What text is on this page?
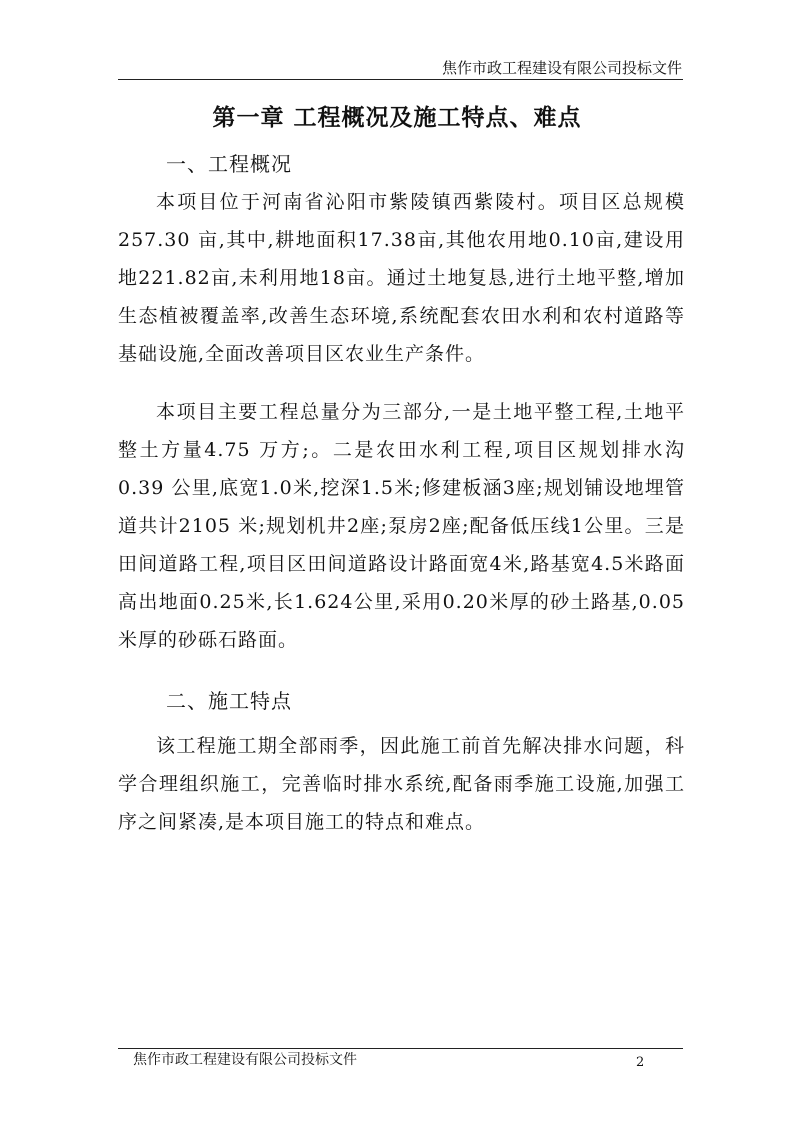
焦作市政工程建设有限公司投标文件
第一章 工程概况及施工特点、难点
一、工程概况

本项目位于河南省沁阳市紫陵镇西紫陵村。项目区总规模257.30 亩,其中,耕地面积17.38亩,其他农用地0.10亩,建设用地221.82亩,未利用地18亩。通过土地复恳,进行土地平整,增加生态植被覆盖率,改善生态环境,系统配套农田水利和农村道路等基础设施,全面改善项目区农业生产条件。

本项目主要工程总量分为三部分,一是土地平整工程,土地平整土方量4.75 万方;。二是农田水利工程,项目区规划排水沟0.39 公里,底宽1.0米,挖深1.5米;修建板涵3座;规划铺设地埋管道共计2105 米;规划机井2座;泵房2座;配备低压线1公里。三是田间道路工程,项目区田间道路设计路面宽4米,路基宽4.5米路面高出地面0.25米,长1.624公里,采用0.20米厚的砂土路基,0.05米厚的砂砾石路面。

二、施工特点

该工程施工期全部雨季，因此施工前首先解决排水问题，科学合理组织施工，完善临时排水系统,配备雨季施工设施,加强工序之间紧凑,是本项目施工的特点和难点。

焦作市政工程建设有限公司投标文件	2
